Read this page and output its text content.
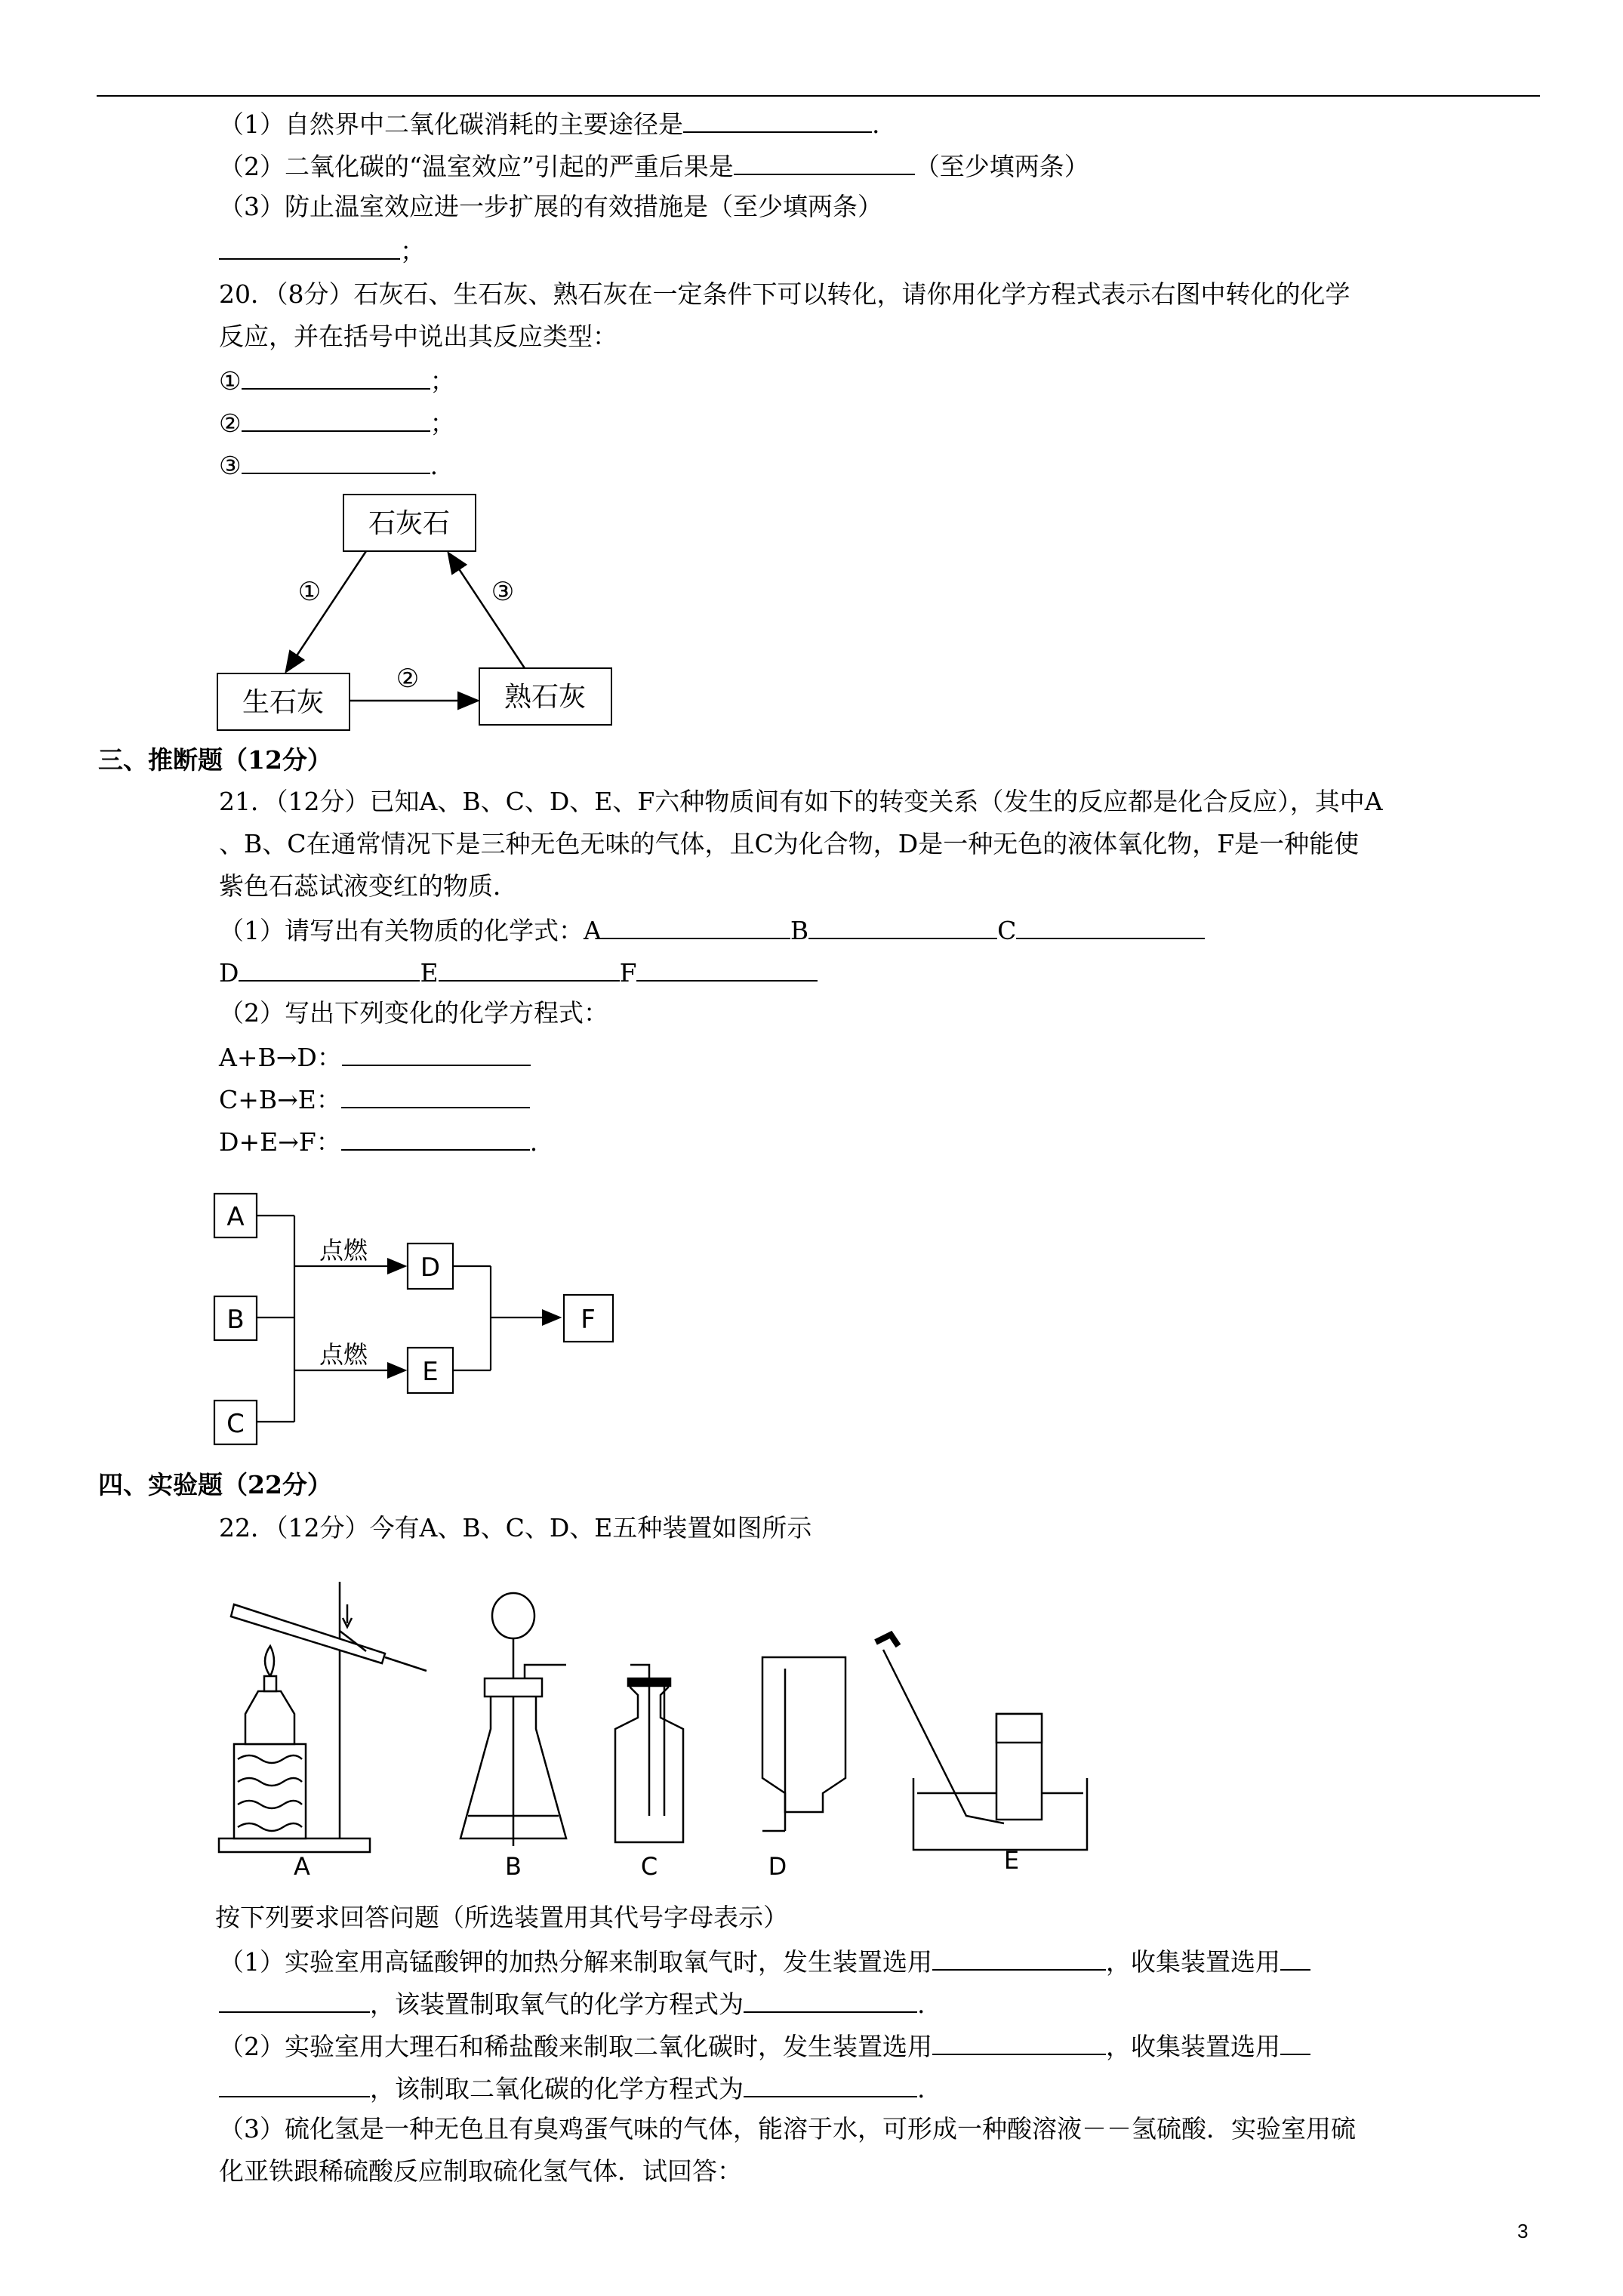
（1）自然界中二氧化碳消耗的主要途径是	.
（2）二氧化碳的“温室效应”引起的严重后果是	（至少填两条）
（3）防止温室效应进一步扩展的有效措施是（至少填两条）
；
20．（8分）石灰石、生石灰、熟石灰在一定条件下可以转化，请你用化学方程式表示右图中转化的化学
反应，并在括号中说出其反应类型：
①	；
②	；
③	.
石灰石
生石灰	熟石灰
①
②
③
三、推断题（12分）
21．（12分）已知A、B、C、D、E、F六种物质间有如下的转变关系（发生的反应都是化合反应），其中A
、B、C在通常情况下是三种无色无味的气体，且C为化合物，D是一种无色的液体氧化物，F是一种能使
紫色石蕊试液变红的物质．
（1）请写出有关物质的化学式：A	B	C
D	E	F
（2）写出下列变化的化学方程式：
A+B→D：
C+B→E：
D+E→F：	.
A
B
C
D
E
F
点燃
点燃
四、实验题（22分）
22．（12分）今有A、B、C、D、E五种装置如图所示
A	B	C	D	E
按下列要求回答问题（所选装置用其代号字母表示）
（1）实验室用高锰酸钾的加热分解来制取氧气时，发生装置选用	，收集装置选用
，该装置制取氧气的化学方程式为	.
（2）实验室用大理石和稀盐酸来制取二氧化碳时，发生装置选用	，收集装置选用
，该制取二氧化碳的化学方程式为	.
（3）硫化氢是一种无色且有臭鸡蛋气味的气体，能溶于水，可形成一种酸溶液－－氢硫酸．实验室用硫
化亚铁跟稀硫酸反应制取硫化氢气体．试回答：
3
